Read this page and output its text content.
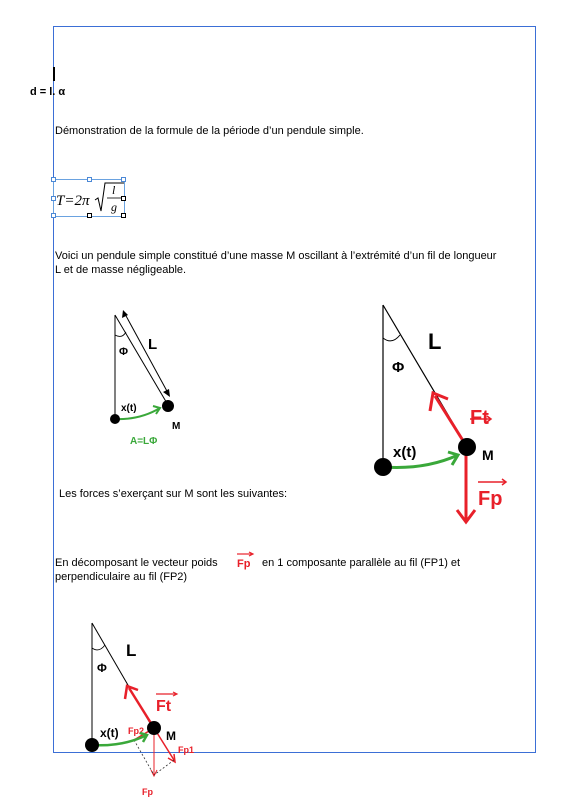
d = l. α
Démonstration de la formule de la période d’un pendule simple.
T=2π
l
g
Voici un pendule simple constitué d’une masse M oscillant à l’extrémité d’un fil de longueur
L et de masse négligeable.
Φ L
x(t)
M
A=LΦ
Φ
L
Ft
Fp
x(t)	M
Les forces s’exerçant sur M sont les suivantes:
En décomposant le vecteur poids Fp en 1 composante parallèle au fil (FP1) et
perpendiculaire au fil (FP2)
Φ
L
Ft
Fp2
Fp1
Fp
x(t)	M
